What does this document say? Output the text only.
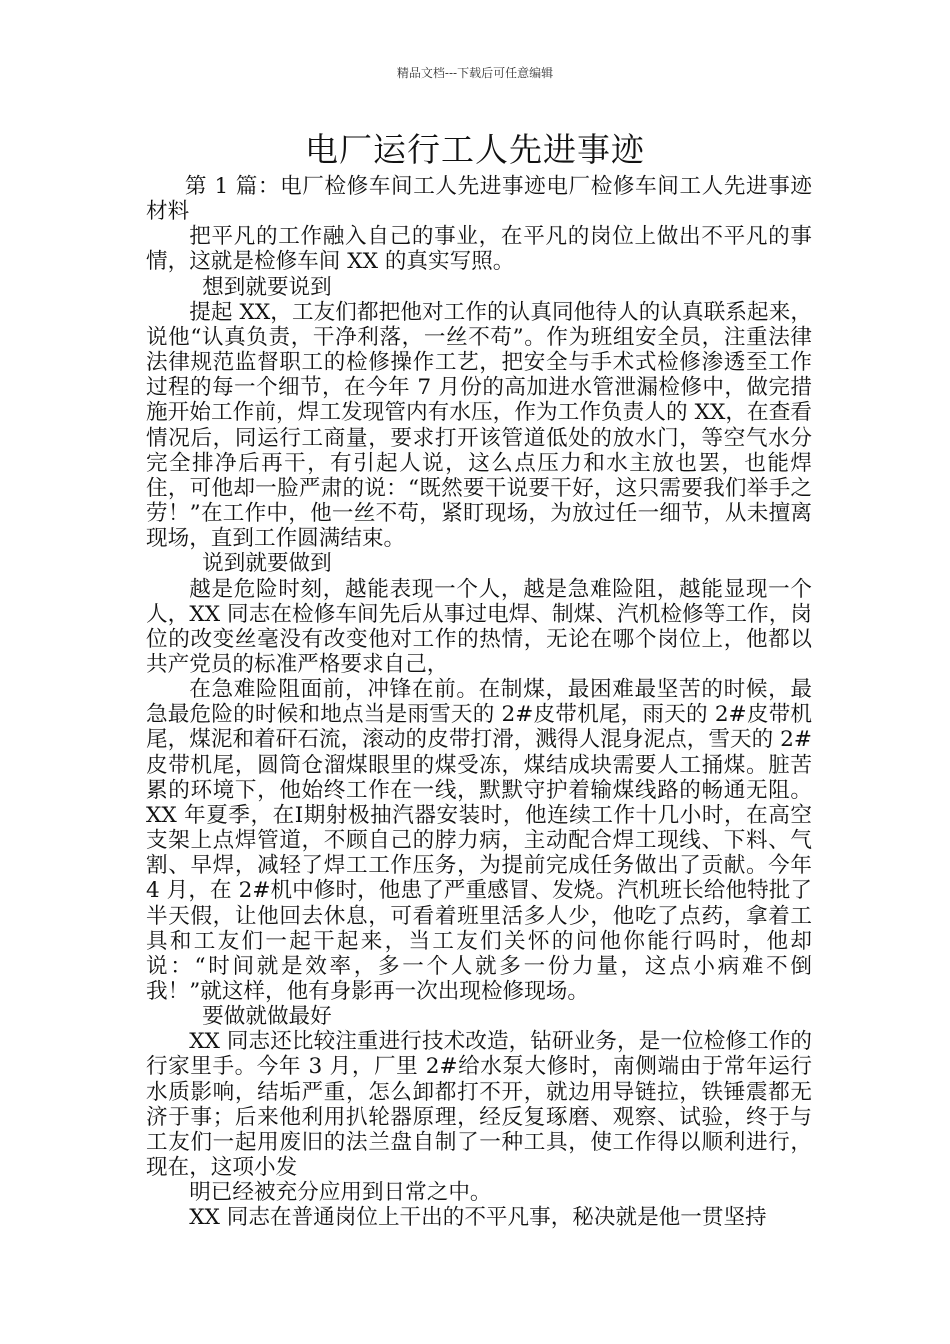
精品文档---下载后可任意编辑
电厂运行工人先进事迹

第 1 篇：电厂检修车间工人先进事迹电厂检修车间工人先进事迹材料

把平凡的工作融入自己的事业，在平凡的岗位上做出不平凡的事情，这就是检修车间 XX 的真实写照。

想到就要说到

提起 XX，工友们都把他对工作的认真同他待人的认真联系起来，说他“认真负责，干净利落，一丝不苟”。作为班组安全员，注重法律法律规范监督职工的检修操作工艺，把安全与手术式检修渗透至工作过程的每一个细节，在今年 7 月份的高加进水管泄漏检修中，做完措施开始工作前，焊工发现管内有水压，作为工作负责人的 XX，在查看情况后，同运行工商量，要求打开该管道低处的放水门，等空气水分完全排净后再干，有引起人说，这么点压力和水主放也罢，也能焊住，可他却一脸严肃的说：“既然要干说要干好，这只需要我们举手之劳！”在工作中，他一丝不苟，紧盯现场，为放过任一细节，从未擅离现场，直到工作圆满结束。

说到就要做到

越是危险时刻，越能表现一个人，越是急难险阻，越能显现一个人，XX 同志在检修车间先后从事过电焊、制煤、汽机检修等工作，岗位的改变丝毫没有改变他对工作的热情，无论在哪个岗位上，他都以共产党员的标准严格要求自己，

在急难险阻面前，冲锋在前。在制煤，最困难最坚苦的时候，最急最危险的时候和地点当是雨雪天的 2#皮带机尾，雨天的 2#皮带机尾，煤泥和着矸石流，滚动的皮带打滑，溅得人混身泥点，雪天的 2#皮带机尾，圆筒仓溜煤眼里的煤受冻，煤结成块需要人工捅煤。脏苦累的环境下，他始终工作在一线，默默守护着输煤线路的畅通无阻。XX 年夏季，在Ⅰ期射极抽汽器安装时，他连续工作十几小时，在高空支架上点焊管道，不顾自己的脖力病，主动配合焊工现线、下料、气割、早焊，减轻了焊工工作压务，为提前完成任务做出了贡献。今年 4 月，在 2#机中修时，他患了严重感冒、发烧。汽机班长给他特批了半天假，让他回去休息，可看着班里活多人少，他吃了点药，拿着工具和工友们一起干起来，当工友们关怀的问他你能行吗时，他却说：“时间就是效率，多一个人就多一份力量，这点小病难不倒我！”就这样，他有身影再一次出现检修现场。

要做就做最好

XX 同志还比较注重进行技术改造，钻研业务，是一位检修工作的行家里手。今年 3 月，厂里 2#给水泵大修时，南侧端由于常年运行水质影响，结垢严重，怎么卸都打不开，就边用导链拉，铁锤震都无济于事；后来他利用扒轮器原理，经反复琢磨、观察、试验，终于与工友们一起用废旧的法兰盘自制了一种工具，使工作得以顺利进行，现在，这项小发

明已经被充分应用到日常之中。

XX 同志在普通岗位上干出的不平凡事，秘决就是他一贯坚持
